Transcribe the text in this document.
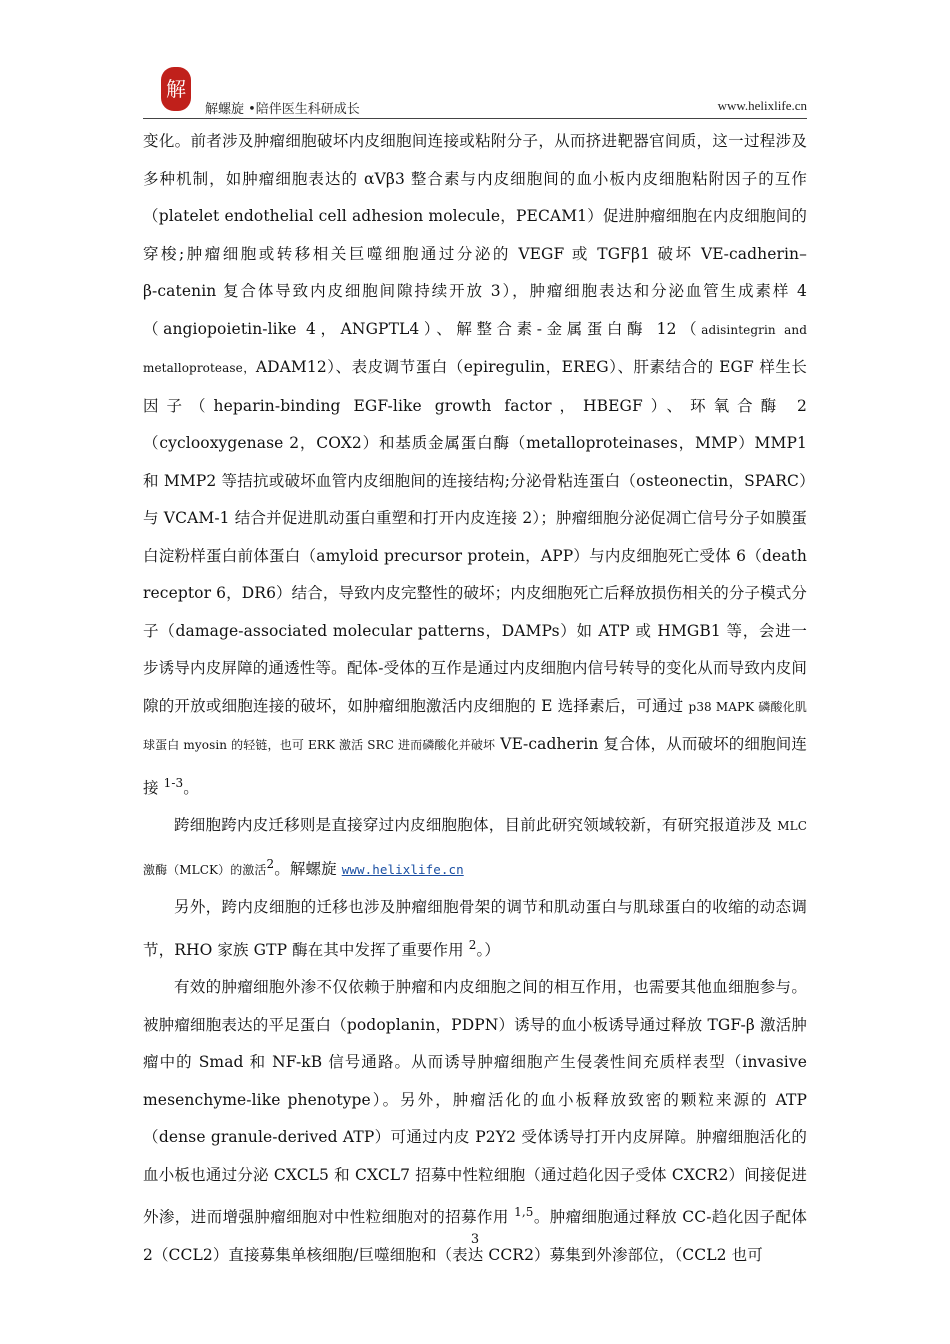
解
解螺旋 •陪伴医生科研成长	www.helixlife.cn

变化。前者涉及肿瘤细胞破坏内皮细胞间连接或粘附分子，从而挤进靶器官间质，这一过程涉及多种机制，如肿瘤细胞表达的 αVβ3 整合素与内皮细胞间的血小板内皮细胞粘附因子的互作（platelet endothelial cell adhesion molecule，PECAM1）促进肿瘤细胞在内皮细胞间的穿梭;肿瘤细胞或转移相关巨噬细胞通过分泌的 VEGF 或 TGFβ1 破坏 VE‑cadherin–β‑catenin 复合体导致内皮细胞间隙持续开放 3），肿瘤细胞表达和分泌血管生成素样 4（angiopoietin-like 4，ANGPTL4）、解整合素-金属蛋白酶 12（adisintegrin and metalloprotease，ADAM12）、表皮调节蛋白（epiregulin，EREG）、肝素结合的 EGF 样生长因子（heparin-binding EGF-like growth factor，HBEGF）、环氧合酶 2（cyclooxygenase 2，COX2）和基质金属蛋白酶（metalloproteinases，MMP）MMP1 和 MMP2 等拮抗或破坏血管内皮细胞间的连接结构;分泌骨粘连蛋白（osteonectin，SPARC）与 VCAM-1 结合并促进肌动蛋白重塑和打开内皮连接 2）；肿瘤细胞分泌促凋亡信号分子如膜蛋白淀粉样蛋白前体蛋白（amyloid precursor protein，APP）与内皮细胞死亡受体 6（death receptor 6，DR6）结合，导致内皮完整性的破坏；内皮细胞死亡后释放损伤相关的分子模式分子（damage-associated molecular patterns，DAMPs）如 ATP 或 HMGB1 等，会进一步诱导内皮屏障的通透性等。配体-受体的互作是通过内皮细胞内信号转导的变化从而导致内皮间隙的开放或细胞连接的破坏，如肿瘤细胞激活内皮细胞的 E 选择素后，可通过 p38 MAPK 磷酸化肌球蛋白 myosin 的轻链，也可 ERK 激活 SRC 进而磷酸化并破坏 VE‑cadherin 复合体，从而破坏的细胞间连接 $^{1-3}$。

跨细胞跨内皮迁移则是直接穿过内皮细胞胞体，目前此研究领域较新，有研究报道涉及 MLC 激酶（MLCK）的激活$^2$。解螺旋 www.helixlife.cn

另外，跨内皮细胞的迁移也涉及肿瘤细胞骨架的调节和肌动蛋白与肌球蛋白的收缩的动态调节，RHO 家族 GTP 酶在其中发挥了重要作用 $^2$。）

有效的肿瘤细胞外渗不仅依赖于肿瘤和内皮细胞之间的相互作用，也需要其他血细胞参与。被肿瘤细胞表达的平足蛋白（podoplanin，PDPN）诱导的血小板诱导通过释放 TGF-β 激活肿瘤中的 Smad 和 NF-kB 信号通路。从而诱导肿瘤细胞产生侵袭性间充质样表型（invasive mesenchyme-like phenotype）。另外，肿瘤活化的血小板释放致密的颗粒来源的 ATP（dense granule-derived ATP）可通过内皮 P2Y2 受体诱导打开内皮屏障。肿瘤细胞活化的血小板也通过分泌 CXCL5 和 CXCL7 招募中性粒细胞（通过趋化因子受体 CXCR2）间接促进外渗，进而增强肿瘤细胞对中性粒细胞对的招募作用 $^{1,5}$。肿瘤细胞通过释放 CC-趋化因子配体 2（CCL2）直接募集单核细胞/巨噬细胞和（表达 CCR2）募集到外渗部位，（CCL2 也可

3
